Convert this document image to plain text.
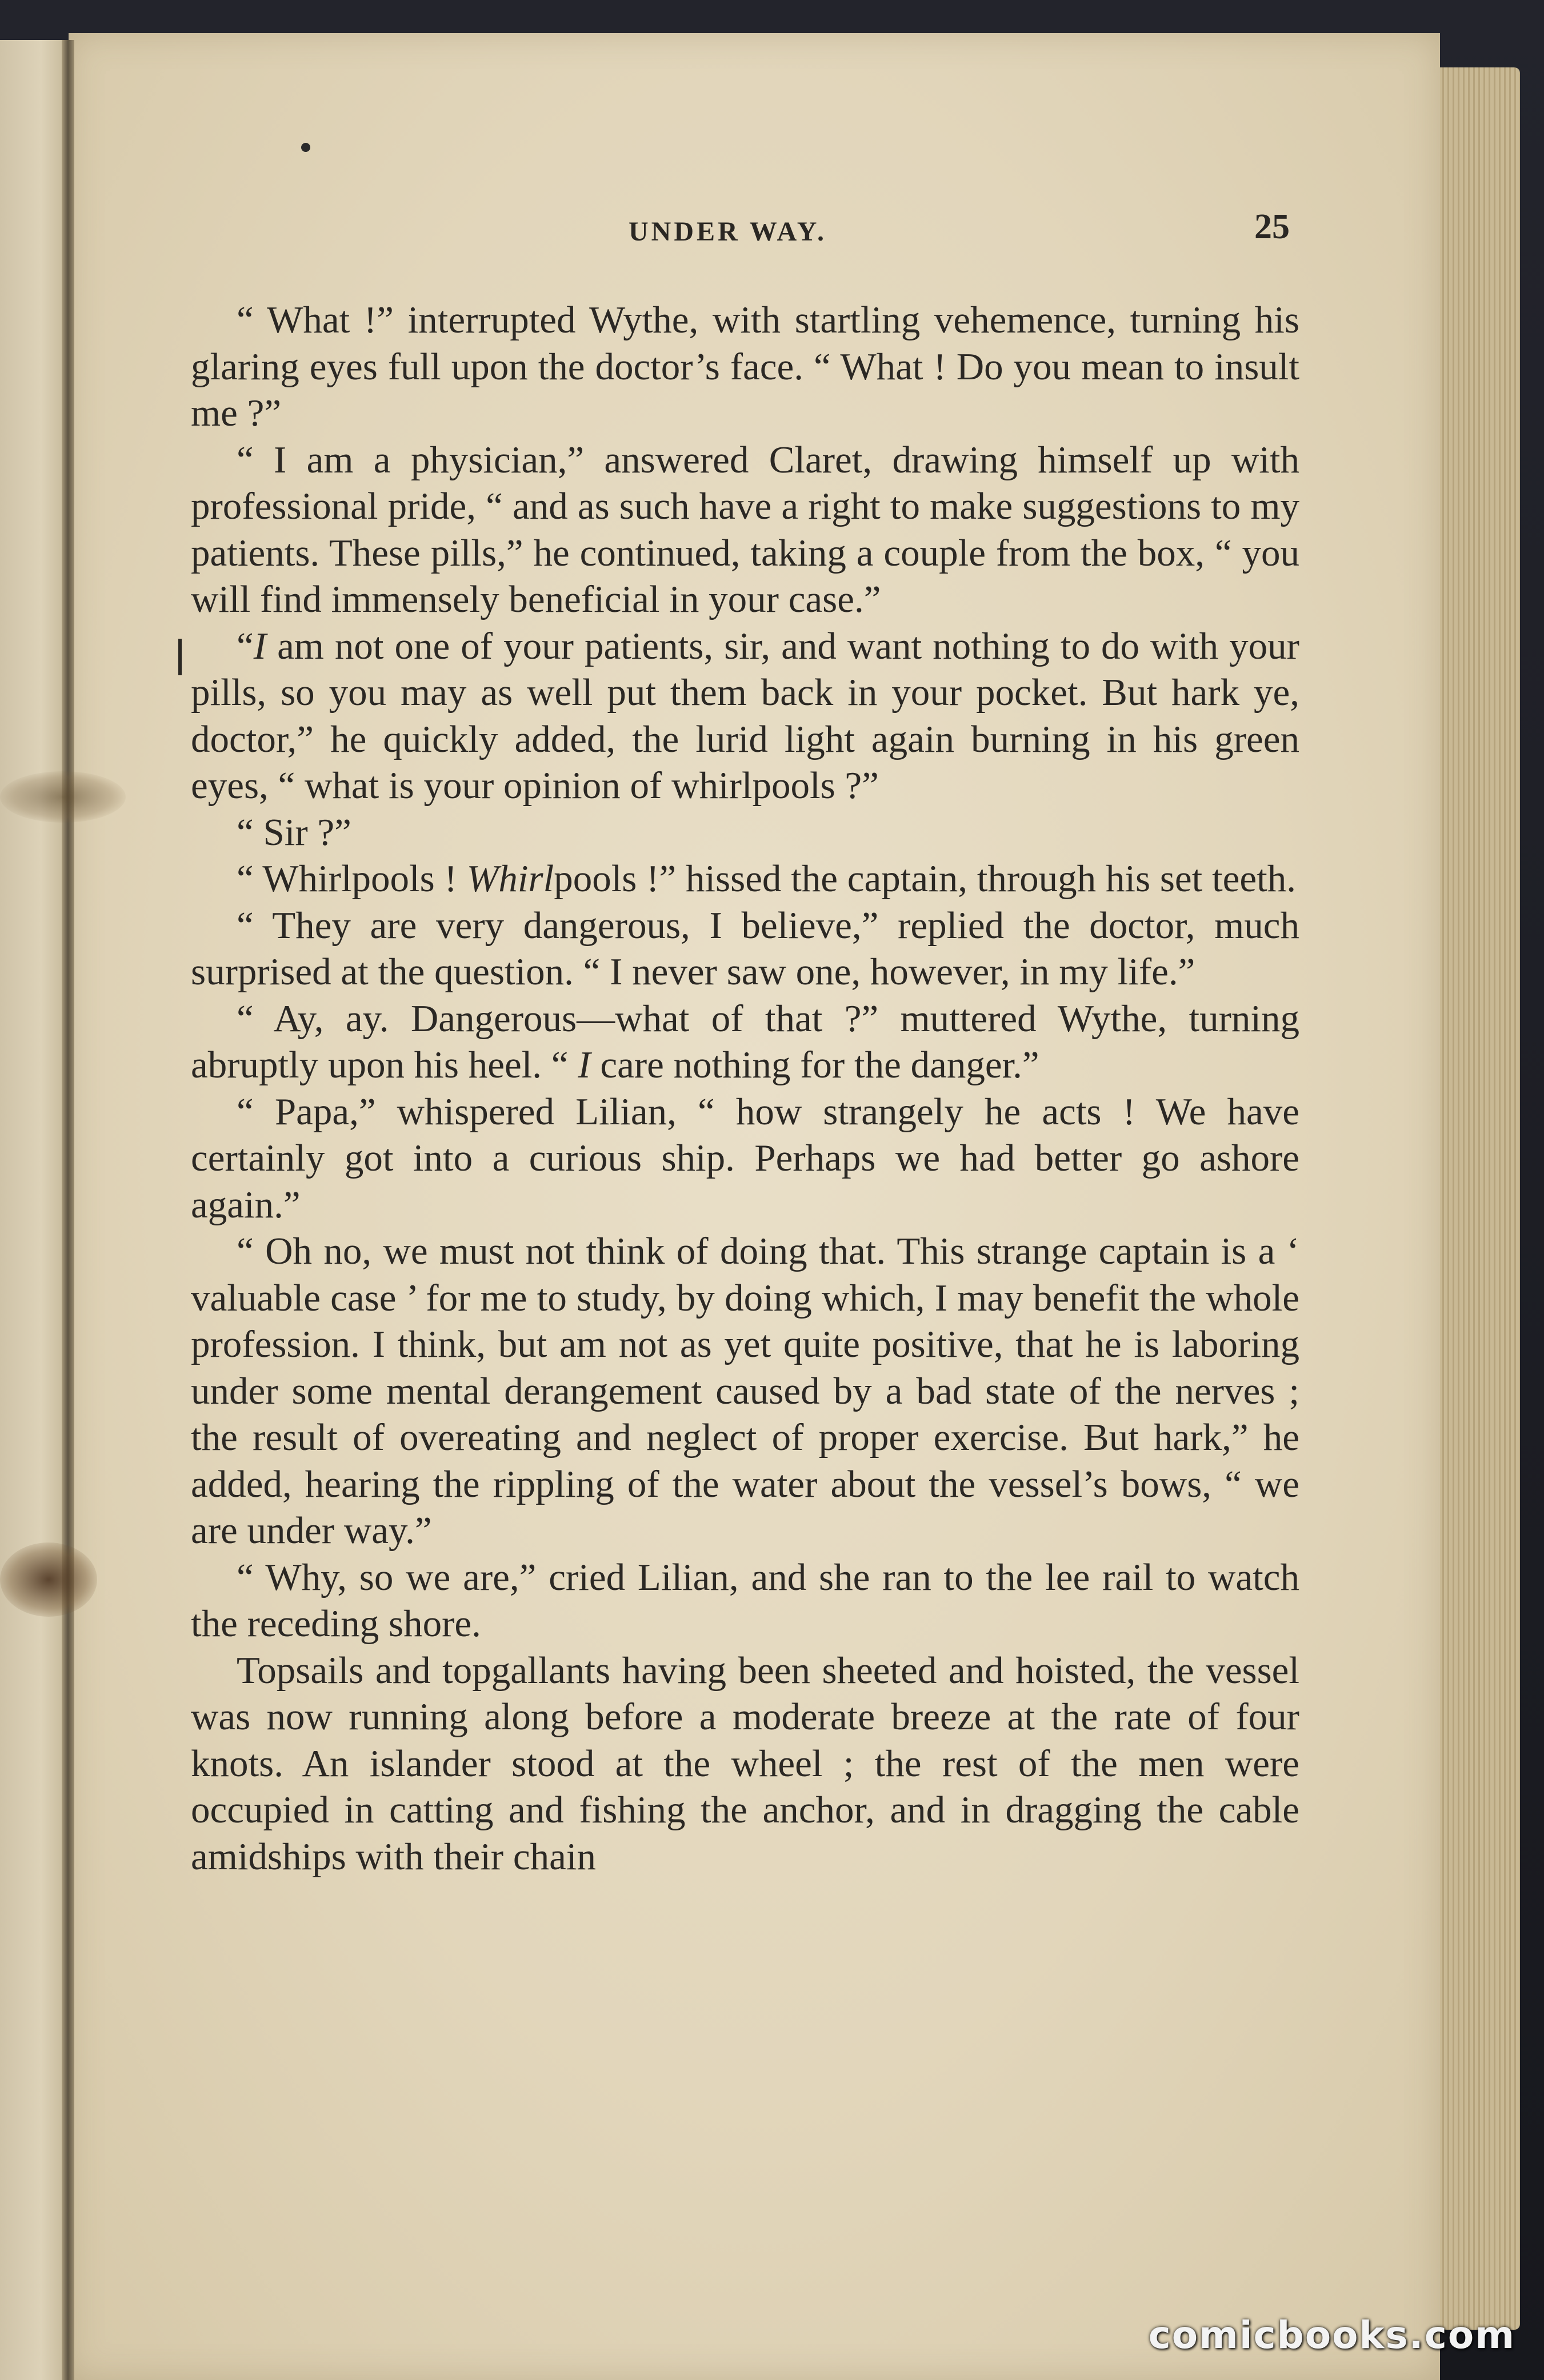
UNDER WAY.	25

“ What !” interrupted Wythe, with startling vehemence, turning his glaring eyes full upon the doctor’s face. “ What ! Do you mean to insult me ?”

“ I am a physician,” answered Claret, drawing himself up with professional pride, “ and as such have a right to make suggestions to my patients. These pills,” he continued, taking a couple from the box, “ you will find immensely beneficial in your case.”

“I am not one of your patients, sir, and want nothing to do with your pills, so you may as well put them back in your pocket. But hark ye, doctor,” he quickly added, the lurid light again burning in his green eyes, “ what is your opinion of whirlpools ?”

“ Sir ?”

“ Whirlpools ! Whirlpools !” hissed the captain, through his set teeth.

“ They are very dangerous, I believe,” replied the doctor, much surprised at the question. “ I never saw one, however, in my life.”

“ Ay, ay. Dangerous—what of that ?” muttered Wythe, turning abruptly upon his heel. “ I care nothing for the danger.”

“ Papa,” whispered Lilian, “ how strangely he acts ! We have certainly got into a curious ship. Perhaps we had better go ashore again.”

“ Oh no, we must not think of doing that. This strange captain is a ‘ valuable case ’ for me to study, by doing which, I may benefit the whole profession. I think, but am not as yet quite positive, that he is laboring under some mental derangement caused by a bad state of the nerves ; the result of overeating and neglect of proper exercise. But hark,” he added, hearing the rippling of the water about the vessel’s bows, “ we are under way.”

“ Why, so we are,” cried Lilian, and she ran to the lee rail to watch the receding shore.

Topsails and topgallants having been sheeted and hoisted, the vessel was now running along before a moderate breeze at the rate of four knots. An islander stood at the wheel ; the rest of the men were occupied in catting and fishing the anchor, and in dragging the cable amidships with their chain

comicbooks.com
